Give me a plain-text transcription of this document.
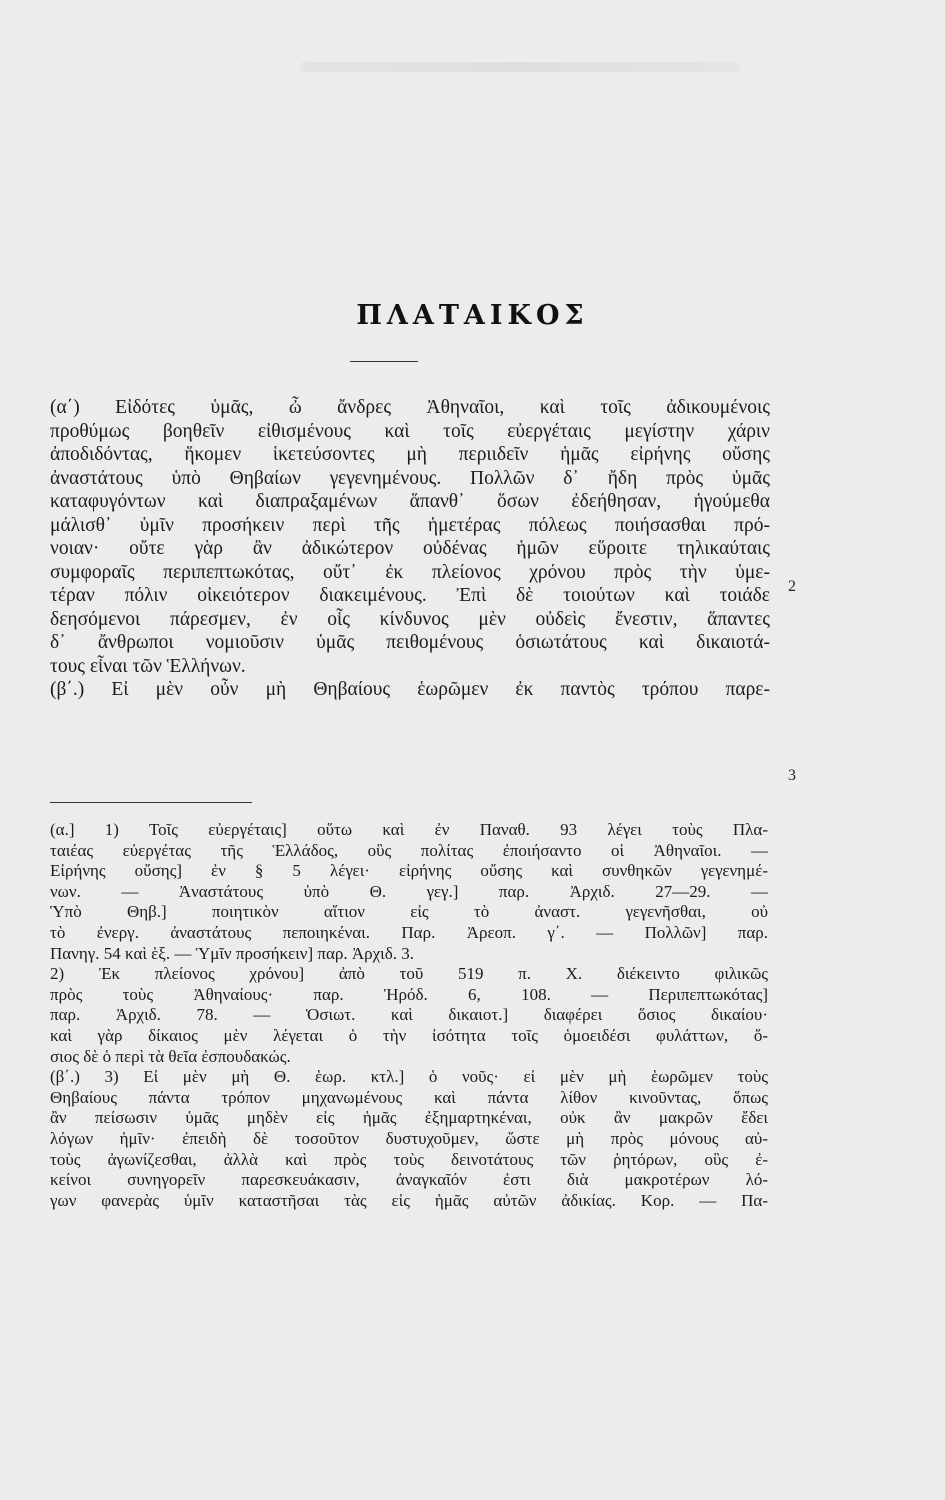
ΠΛΑΤΑΙΚΟΣ
(α΄) Εἰδότες ὑμᾶς, ὦ ἄνδρες Ἀθηναῖοι, καὶ τοῖς ἀδικουμένοις
προθύμως βοηθεῖν εἰθισμένους καὶ τοῖς εὐεργέταις μεγίστην χάριν
ἀποδιδόντας, ἥκομεν ἱκετεύσοντες μὴ περιιδεῖν ἡμᾶς εἰρήνης οὔσης
ἀναστάτους ὑπὸ Θηβαίων γεγενημένους. Πολλῶν δ᾽ ἤδη πρὸς ὑμᾶς
καταφυγόντων καὶ διαπραξαμένων ἅπανθ᾽ ὅσων ἐδεήθησαν, ἡγούμεθα
μάλισθ᾽ ὑμῖν προσήκειν περὶ τῆς ἡμετέρας πόλεως ποιήσασθαι πρό-
νοιαν· οὔτε γὰρ ἂν ἀδικώτερον οὐδένας ἡμῶν εὕροιτε τηλικαύταις
συμφοραῖς περιπεπτωκότας, οὔτ᾽ ἐκ πλείονος χρόνου πρὸς τὴν ὑμε-
τέραν πόλιν οἰκειότερον διακειμένους. Ἐπὶ δὲ τοιούτων καὶ τοιάδε
δεησόμενοι πάρεσμεν, ἐν οἷς κίνδυνος μὲν οὐδεὶς ἔνεστιν, ἅπαντες
δ᾽ ἄνθρωποι νομιοῦσιν ὑμᾶς πειθομένους ὁσιωτάτους καὶ δικαιοτά-
τους εἶναι τῶν Ἑλλήνων.
(β΄.) Εἰ μὲν οὖν μὴ Θηβαίους ἑωρῶμεν ἐκ παντὸς τρόπου παρε-
2
3
(α.] 1) Τοῖς εὐεργέταις] οὕτω καὶ ἐν Παναθ. 93 λέγει τοὺς Πλα-
ταιέας εὐεργέτας τῆς Ἑλλάδος, οὓς πολίτας ἐποιήσαντο οἱ Ἀθηναῖοι. —
Εἰρήνης οὔσης] ἐν § 5 λέγει· εἰρήνης οὔσης καὶ συνθηκῶν γεγενημέ-
νων. — Ἀναστάτους ὑπὸ Θ. γεγ.] παρ. Ἀρχιδ. 27—29. —
Ὑπὸ Θηβ.] ποιητικὸν αἴτιον εἰς τὸ ἀναστ. γεγενῆσθαι, οὐ
τὸ ἐνεργ. ἀναστάτους πεποιηκέναι. Παρ. Ἀρεοπ. γ΄. — Πολλῶν] παρ.
Πανηγ. 54 καὶ ἑξ. — Ὑμῖν προσήκειν] παρ. Ἀρχιδ. 3.
2) Ἐκ πλείονος χρόνου] ἀπὸ τοῦ 519 π. Χ. διέκειντο φιλικῶς
πρὸς τοὺς Ἀθηναίους· παρ. Ἡρόδ. 6, 108. — Περιπεπτωκότας]
παρ. Ἀρχιδ. 78. — Ὁσιωτ. καὶ δικαιοτ.] διαφέρει ὅσιος δικαίου·
καὶ γὰρ δίκαιος μὲν λέγεται ὁ τὴν ἰσότητα τοῖς ὁμοειδέσι φυλάττων, ὅ-
σιος δὲ ὁ περὶ τὰ θεῖα ἐσπουδακώς.
(β΄.) 3) Εἰ μὲν μὴ Θ. ἑωρ. κτλ.] ὁ νοῦς· εἰ μὲν μὴ ἑωρῶμεν τοὺς
Θηβαίους πάντα τρόπον μηχανωμένους καὶ πάντα λίθον κινοῦντας, ὅπως
ἂν πείσωσιν ὑμᾶς μηδὲν εἰς ἡμᾶς ἐξημαρτηκέναι, οὐκ ἂν μακρῶν ἔδει
λόγων ἡμῖν· ἐπειδὴ δὲ τοσοῦτον δυστυχοῦμεν, ὥστε μὴ πρὸς μόνους αὐ-
τοὺς ἀγωνίζεσθαι, ἀλλὰ καὶ πρὸς τοὺς δεινοτάτους τῶν ῥητόρων, οὓς ἐ-
κείνοι συνηγορεῖν παρεσκευάκασιν, ἀναγκαῖόν ἐστι διὰ μακροτέρων λό-
γων φανερὰς ὑμῖν καταστῆσαι τὰς εἰς ἡμᾶς αὐτῶν ἀδικίας. Κορ. — Πα-
